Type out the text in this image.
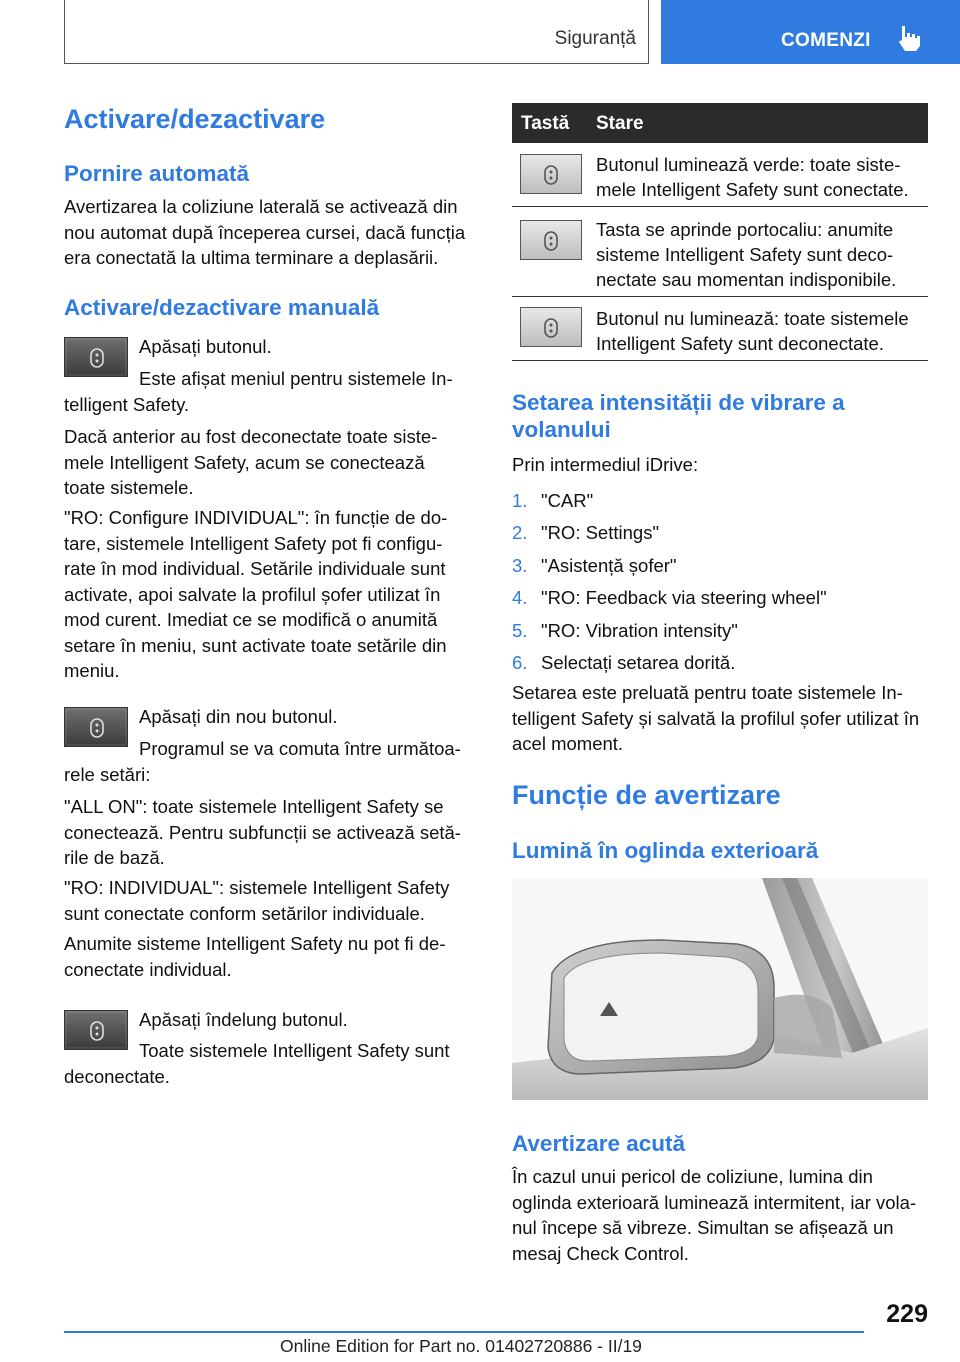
Siguranță	COMENZI
Activare/dezactivare
Pornire automată
Avertizarea la coliziune laterală se activează din
nou automat după începerea cursei, dacă funcția
era conectată la ultima terminare a deplasării.
Activare/dezactivare manuală
Apăsați butonul.
Este afișat meniul pentru sistemele In‐
telligent Safety.
Dacă anterior au fost deconectate toate siste‐
mele Intelligent Safety, acum se conectează
toate sistemele.
"RO: Configure INDIVIDUAL": în funcție de do‐
tare, sistemele Intelligent Safety pot fi configu‐
rate în mod individual. Setările individuale sunt
activate, apoi salvate la profilul șofer utilizat în
mod curent. Imediat ce se modifică o anumită
setare în meniu, sunt activate toate setările din
meniu.
Apăsați din nou butonul.
Programul se va comuta între următoa‐
rele setări:
"ALL ON": toate sistemele Intelligent Safety se
conectează. Pentru subfuncții se activează setă‐
rile de bază.
"RO: INDIVIDUAL": sistemele Intelligent Safety
sunt conectate conform setărilor individuale.
Anumite sisteme Intelligent Safety nu pot fi de‐
conectate individual.
Apăsați îndelung butonul.
Toate sistemele Intelligent Safety sunt
deconectate.
Tastă Stare
Butonul luminează verde: toate siste‐
mele Intelligent Safety sunt conectate.
Tasta se aprinde portocaliu: anumite
sisteme Intelligent Safety sunt deco‐
nectate sau momentan indisponibile.
Butonul nu luminează: toate sistemele
Intelligent Safety sunt deconectate.
Setarea intensității de vibrare a
volanului
Prin intermediul iDrive:
1. "CAR"
2. "RO: Settings"
3. "Asistență șofer"
4. "RO: Feedback via steering wheel"
5. "RO: Vibration intensity"
6. Selectați setarea dorită.
Setarea este preluată pentru toate sistemele In‐
telligent Safety și salvată la profilul șofer utilizat în
acel moment.
Funcție de avertizare
Lumină în oglinda exterioară
Avertizare acută
În cazul unui pericol de coliziune, lumina din
oglinda exterioară luminează intermitent, iar vola‐
nul începe să vibreze. Simultan se afișează un
mesaj Check Control.
229
Online Edition for Part no. 01402720886 - II/19
